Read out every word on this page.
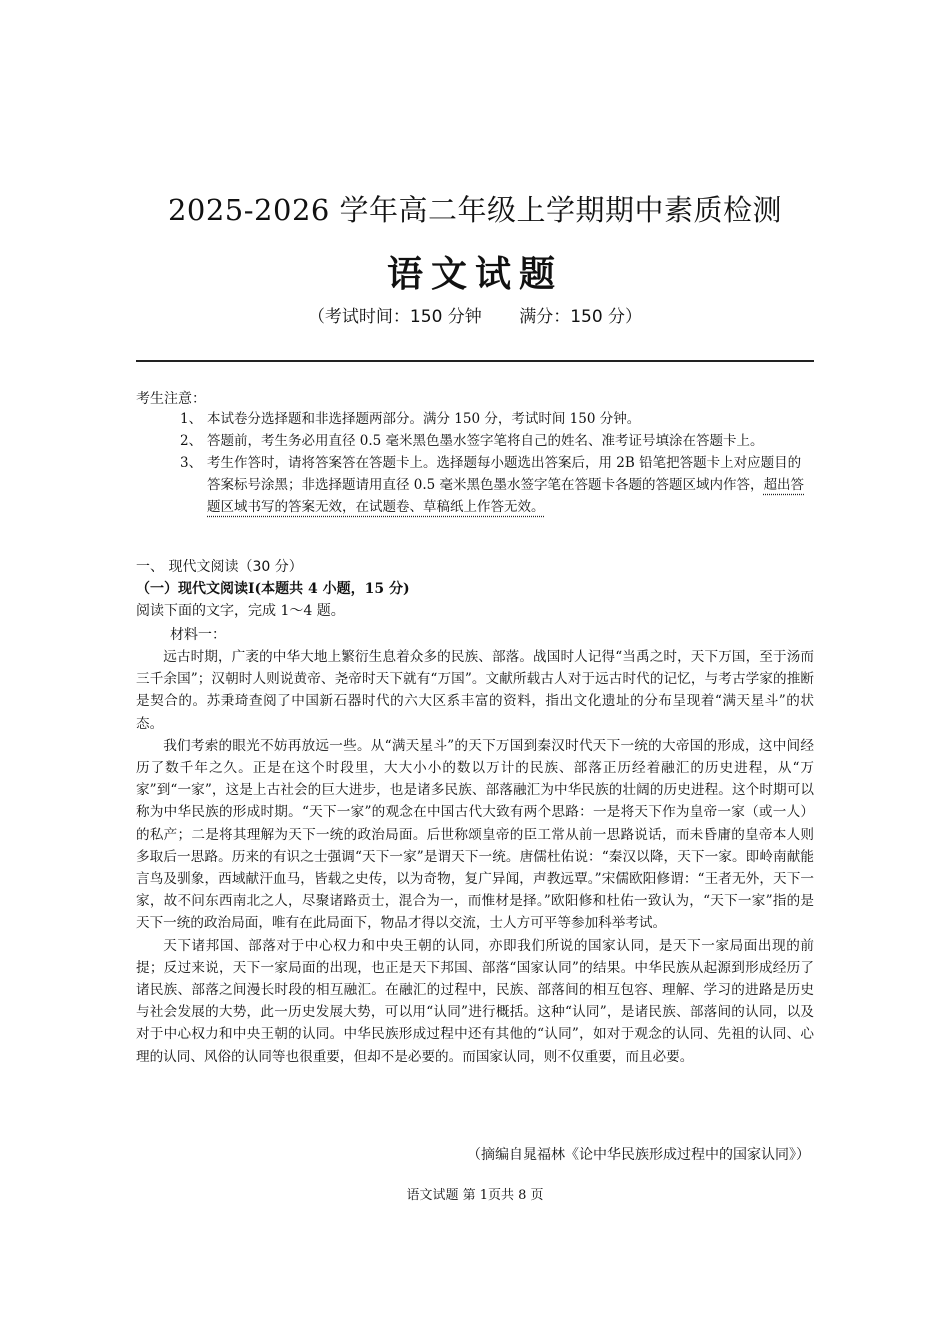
2025-2026 学年高二年级上学期期中素质检测
语文试题
（考试时间：150 分钟 满分：150 分）
考生注意：
1、 本试卷分选择题和非选择题两部分。满分 150 分，考试时间 150 分钟。
2、 答题前，考生务必用直径 0.5 毫米黑色墨水签字笔将自己的姓名、准考证号填涂在答题卡上。
3、 考生作答时，请将答案答在答题卡上。选择题每小题选出答案后，用 2B 铅笔把答题卡上对应题目的答案标号涂黑；非选择题请用直径 0.5 毫米黑色墨水签字笔在答题卡各题的答题区域内作答，超出答题区域书写的答案无效，在试题卷、草稿纸上作答无效。
一、 现代文阅读（30 分）
（一）现代文阅读Ⅰ(本题共 4 小题，15 分)
阅读下面的文字，完成 1～4 题。
材料一：

远古时期，广袤的中华大地上繁衍生息着众多的民族、部落。战国时人记得“当禹之时，天下万国，至于汤而三千余国”；汉朝时人则说黄帝、尧帝时天下就有“万国”。文献所载古人对于远古时代的记忆，与考古学家的推断是契合的。苏秉琦查阅了中国新石器时代的六大区系丰富的资料，指出文化遗址的分布呈现着“满天星斗”的状态。

我们考索的眼光不妨再放远一些。从“满天星斗”的天下万国到秦汉时代天下一统的大帝国的形成，这中间经历了数千年之久。正是在这个时段里，大大小小的数以万计的民族、部落正历经着融汇的历史进程，从“万家”到“一家”，这是上古社会的巨大进步，也是诸多民族、部落融汇为中华民族的壮阔的历史进程。这个时期可以称为中华民族的形成时期。“天下一家”的观念在中国古代大致有两个思路：一是将天下作为皇帝一家（或一人）的私产；二是将其理解为天下一统的政治局面。后世称颂皇帝的臣工常从前一思路说话，而未昏庸的皇帝本人则多取后一思路。历来的有识之士强调“天下一家”是谓天下一统。唐儒杜佑说：“秦汉以降，天下一家。即岭南献能言鸟及驯象，西域献汗血马，皆载之史传，以为奇物，复广异闻，声教远覃。”宋儒欧阳修谓：“王者无外，天下一家，故不问东西南北之人，尽聚诸路贡士，混合为一，而惟材是择。”欧阳修和杜佑一致认为，“天下一家”指的是天下一统的政治局面，唯有在此局面下，物品才得以交流，士人方可平等参加科举考试。

天下诸邦国、部落对于中心权力和中央王朝的认同，亦即我们所说的国家认同，是天下一家局面出现的前提；反过来说，天下一家局面的出现，也正是天下邦国、部落“国家认同”的结果。中华民族从起源到形成经历了诸民族、部落之间漫长时段的相互融汇。在融汇的过程中，民族、部落间的相互包容、理解、学习的进路是历史与社会发展的大势，此一历史发展大势，可以用“认同”进行概括。这种“认同”，是诸民族、部落间的认同，以及对于中心权力和中央王朝的认同。中华民族形成过程中还有其他的“认同”，如对于观念的认同、先祖的认同、心理的认同、风俗的认同等也很重要，但却不是必要的。而国家认同，则不仅重要，而且必要。

（摘编自晁福林《论中华民族形成过程中的国家认同》）
语文试题 第 1页共 8 页
